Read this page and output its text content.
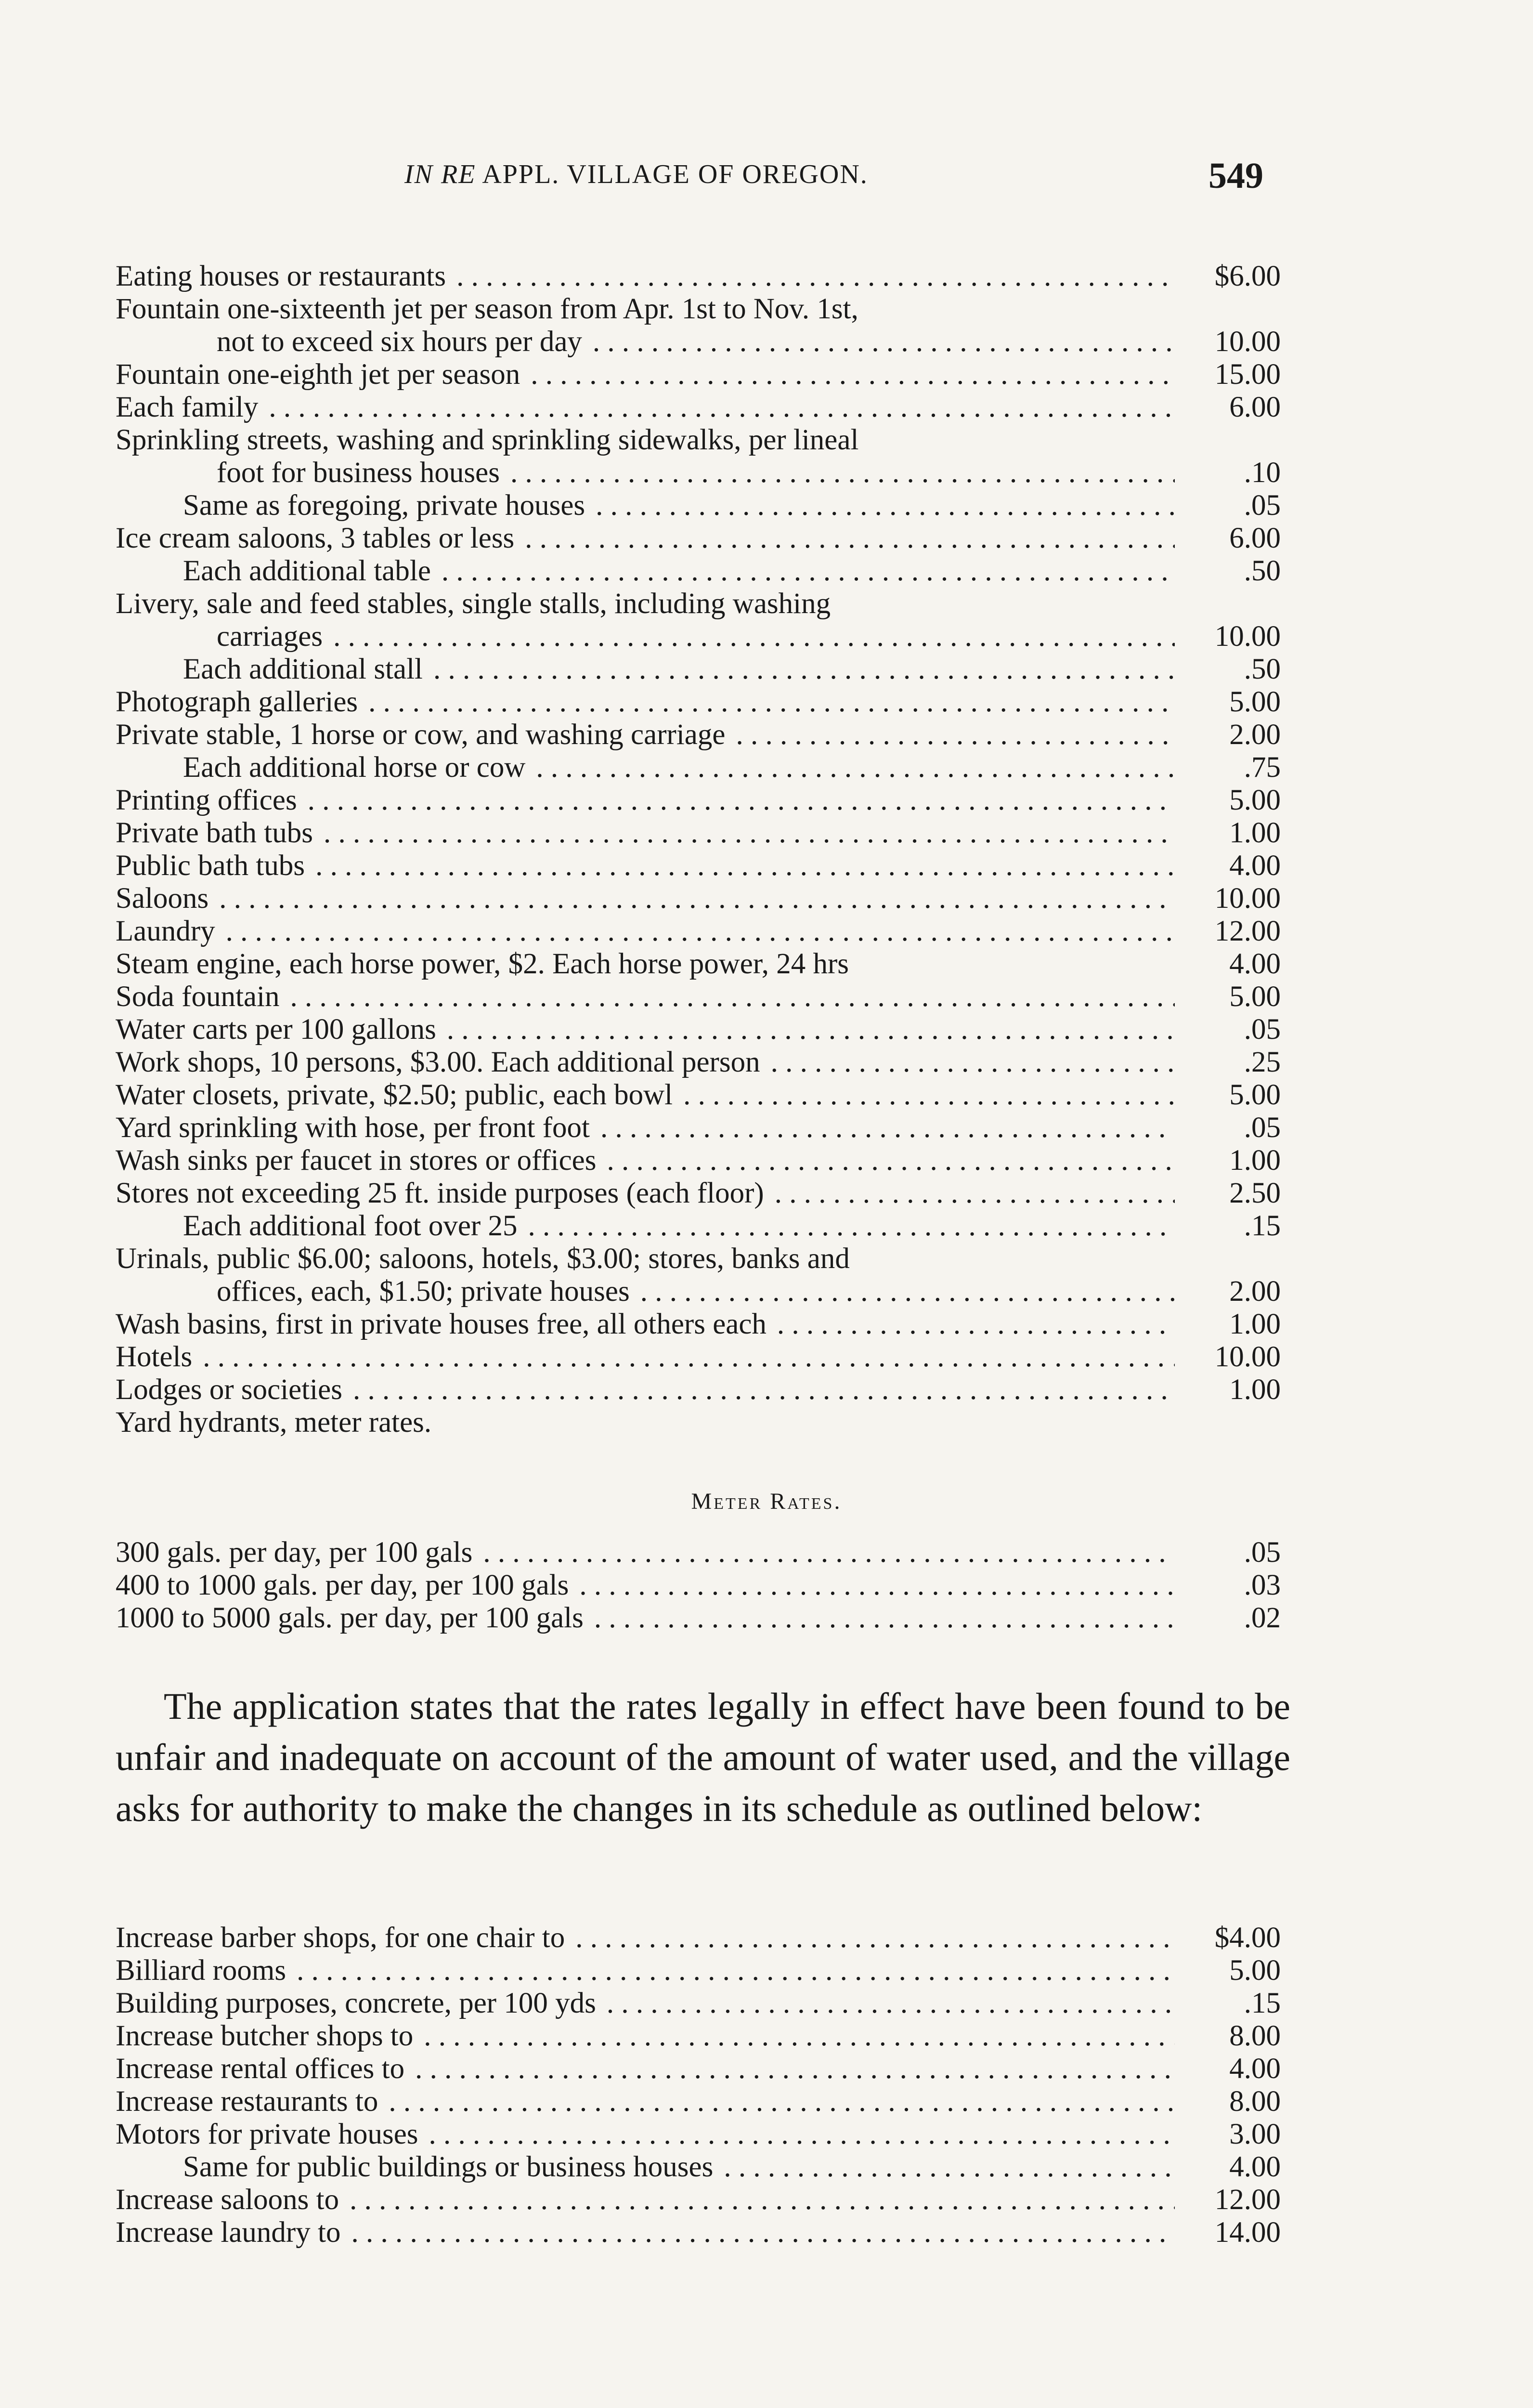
IN RE APPL. VILLAGE OF OREGON.	549
Eating houses or restaurants . . .	$6.00
Fountain one-sixteenth jet per season from Apr. 1st to Nov. 1st,
not to exceed six hours per day . . .	10.00
Fountain one-eighth jet per season . . .	15.00
Each family . . .	6.00
Sprinkling streets, washing and sprinkling sidewalks, per lineal
foot for business houses . . .	.10
Same as foregoing, private houses . . .	.05
Ice cream saloons, 3 tables or less . . .	6.00
Each additional table . . .	.50
Livery, sale and feed stables, single stalls, including washing
carriages . . .	10.00
Each additional stall . . .	.50
Photograph galleries . . .	5.00
Private stable, 1 horse or cow, and washing carriage . . .	2.00
Each additional horse or cow . . .	.75
Printing offices . . .	5.00
Private bath tubs . . .	1.00
Public bath tubs . . .	4.00
Saloons . . .	10.00
Laundry . . .	12.00
Steam engine, each horse power, $2. Each horse power, 24 hrs	4.00
Soda fountain . . .	5.00
Water carts per 100 gallons . . .	.05
Work shops, 10 persons, $3.00. Each additional person . . .	.25
Water closets, private, $2.50; public, each bowl . . .	5.00
Yard sprinkling with hose, per front foot . . .	.05
Wash sinks per faucet in stores or offices . . .	1.00
Stores not exceeding 25 ft. inside purposes (each floor) . . .	2.50
Each additional foot over 25 . . .	.15
Urinals, public $6.00; saloons, hotels, $3.00; stores, banks and
offices, each, $1.50; private houses . . .	2.00
Wash basins, first in private houses free, all others each . . .	1.00
Hotels . . .	10.00
Lodges or societies . . .	1.00
Yard hydrants, meter rates.
Meter Rates.
300 gals. per day, per 100 gals . . .	.05
400 to 1000 gals. per day, per 100 gals . . .	.03
1000 to 5000 gals. per day, per 100 gals . . .	.02

The application states that the rates legally in effect have been found to be unfair and inadequate on account of the amount of water used, and the village asks for authority to make the changes in its schedule as outlined below:

Increase barber shops, for one chair to . . .	$4.00
Billiard rooms . . .	5.00
Building purposes, concrete, per 100 yds . . .	.15
Increase butcher shops to . . .	8.00
Increase rental offices to . . .	4.00
Increase restaurants to . . .	8.00
Motors for private houses . . .	3.00
Same for public buildings or business houses . . .	4.00
Increase saloons to . . .	12.00
Increase laundry to . . .	14.00
